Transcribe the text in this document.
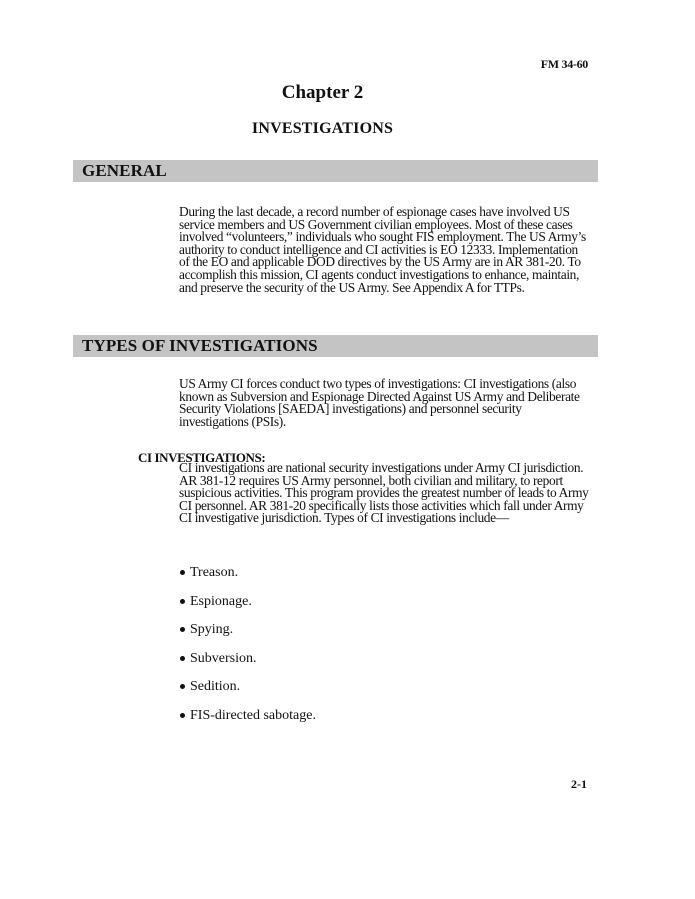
FM 34-60
Chapter 2
INVESTIGATIONS
GENERAL

During the last decade, a record number of espionage cases have involved US service members and US Government civilian employees. Most of these cases involved “volunteers,” individuals who sought FIS employment. The US Army’s authority to conduct intelligence and CI activities is EO 12333. Implementation of the EO and applicable DOD directives by the US Army are in AR 381-20. To accomplish this mission, CI agents conduct investigations to enhance, maintain, and preserve the security of the US Army. See Appendix A for TTPs.

TYPES OF INVESTIGATIONS

US Army CI forces conduct two types of investigations: CI investigations (also known as Subversion and Espionage Directed Against US Army and Deliberate Security Violations [SAEDA] investigations) and personnel security investigations (PSIs).

CI INVESTIGATIONS:

CI investigations are national security investigations under Army CI jurisdiction. AR 381-12 requires US Army personnel, both civilian and military, to report suspicious activities. This program provides the greatest number of leads to Army CI personnel. AR 381-20 specifically lists those activities which fall under Army CI investigative jurisdiction. Types of CI investigations include—

Treason.
Espionage.
Spying.
Subversion.
Sedition.
FIS-directed sabotage.
2-1
